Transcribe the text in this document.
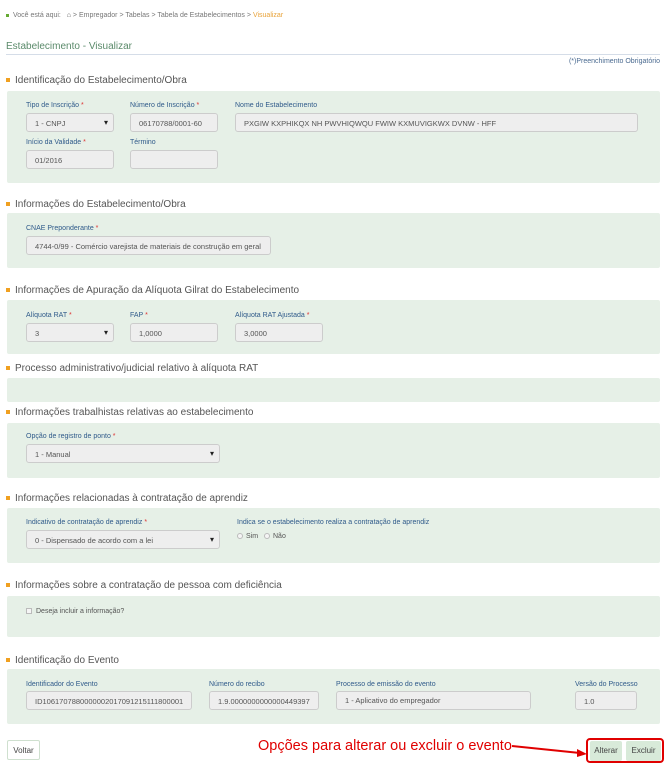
Você está aqui: ⌂ > Empregador > Tabelas > Tabela de Estabelecimentos > Visualizar
Estabelecimento - Visualizar
(*)Preenchimento Obrigatório
Identificação do Estabelecimento/Obra
Tipo de Inscrição *
1 - CNPJ ▾
Número de Inscrição *
06170788/0001-60
Nome do Estabelecimento
PXGIW KXPHIKQX NH PWVHIQWQU FWIW KXMUVIGKWX DVNW - HFF
Início da Validade *
01/2016
Término
Informações do Estabelecimento/Obra
CNAE Preponderante *
4744-0/99 - Comércio varejista de materiais de construção em geral
Informações de Apuração da Alíquota Gilrat do Estabelecimento
Alíquota RAT *
3 ▾
FAP *
1,0000
Alíquota RAT Ajustada *
3,0000
Processo administrativo/judicial relativo à alíquota RAT
Informações trabalhistas relativas ao estabelecimento
Opção de registro de ponto *
1 - Manual ▾
Informações relacionadas à contratação de aprendiz
Indicativo de contratação de aprendiz *
0 - Dispensado de acordo com a lei ▾
Indica se o estabelecimento realiza a contratação de aprendiz
Sim	Não
Informações sobre a contratação de pessoa com deficiência
Deseja incluir a informação?
Identificação do Evento
Identificador do Evento
ID1061707880000002017091215111800001
Número do recibo
1.9.0000000000000449397
Processo de emissão do evento
1 - Aplicativo do empregador
Versão do Processo
1.0
Voltar	Opções para alterar ou excluir o evento	Alterar	Excluir
